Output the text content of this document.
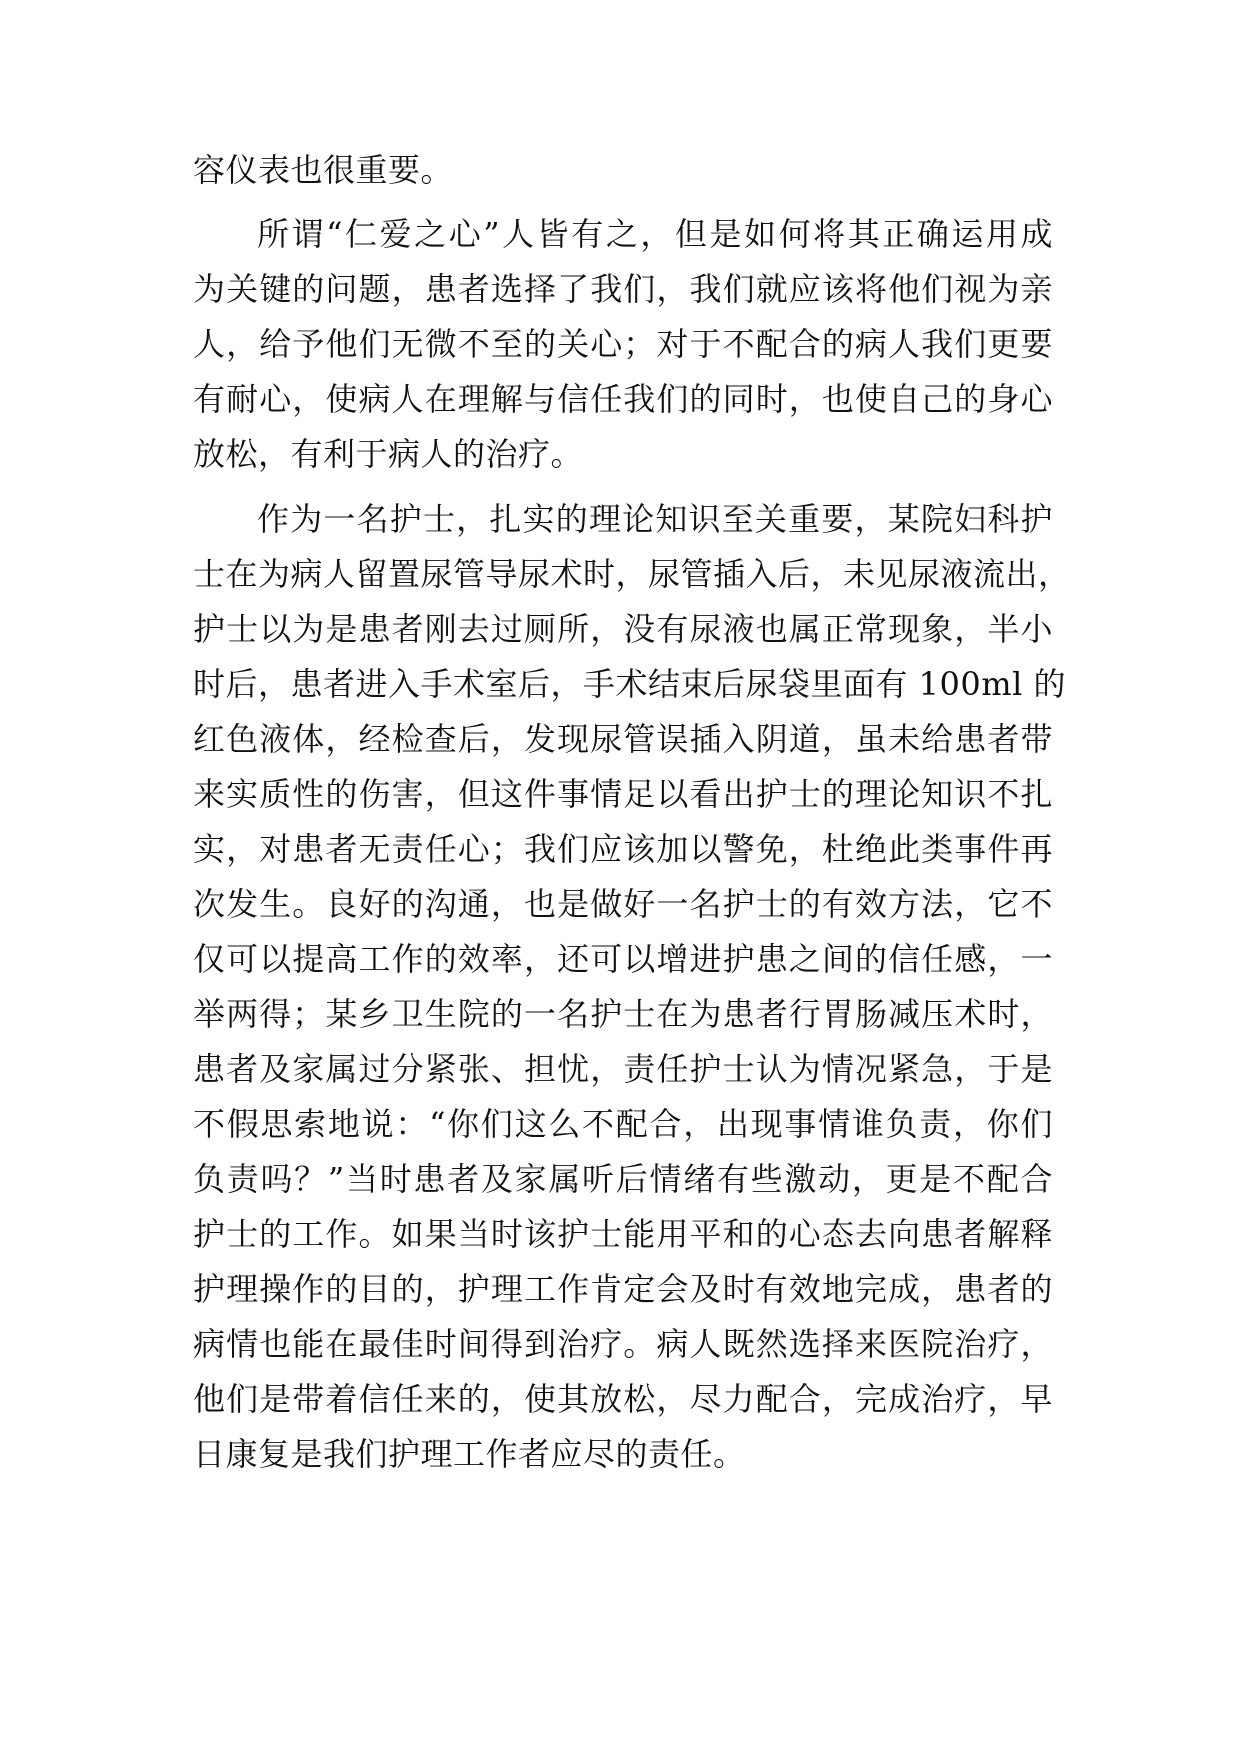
容仪表也很重要。
所谓“仁爱之心”人皆有之，但是如何将其正确运用成
为关键的问题，患者选择了我们，我们就应该将他们视为亲
人，给予他们无微不至的关心；对于不配合的病人我们更要
有耐心，使病人在理解与信任我们的同时，也使自己的身心
放松，有利于病人的治疗。
作为一名护士，扎实的理论知识至关重要，某院妇科护
士在为病人留置尿管导尿术时，尿管插入后，未见尿液流出，
护士以为是患者刚去过厕所，没有尿液也属正常现象，半小
时后，患者进入手术室后，手术结束后尿袋里面有 100ml 的
红色液体，经检查后，发现尿管误插入阴道，虽未给患者带
来实质性的伤害，但这件事情足以看出护士的理论知识不扎
实，对患者无责任心；我们应该加以警免，杜绝此类事件再
次发生。良好的沟通，也是做好一名护士的有效方法，它不
仅可以提高工作的效率，还可以增进护患之间的信任感，一
举两得；某乡卫生院的一名护士在为患者行胃肠减压术时，
患者及家属过分紧张、担忧，责任护士认为情况紧急，于是
不假思索地说：“你们这么不配合，出现事情谁负责，你们
负责吗？”当时患者及家属听后情绪有些激动，更是不配合
护士的工作。如果当时该护士能用平和的心态去向患者解释
护理操作的目的，护理工作肯定会及时有效地完成，患者的
病情也能在最佳时间得到治疗。病人既然选择来医院治疗，
他们是带着信任来的，使其放松，尽力配合，完成治疗，早
日康复是我们护理工作者应尽的责任。
